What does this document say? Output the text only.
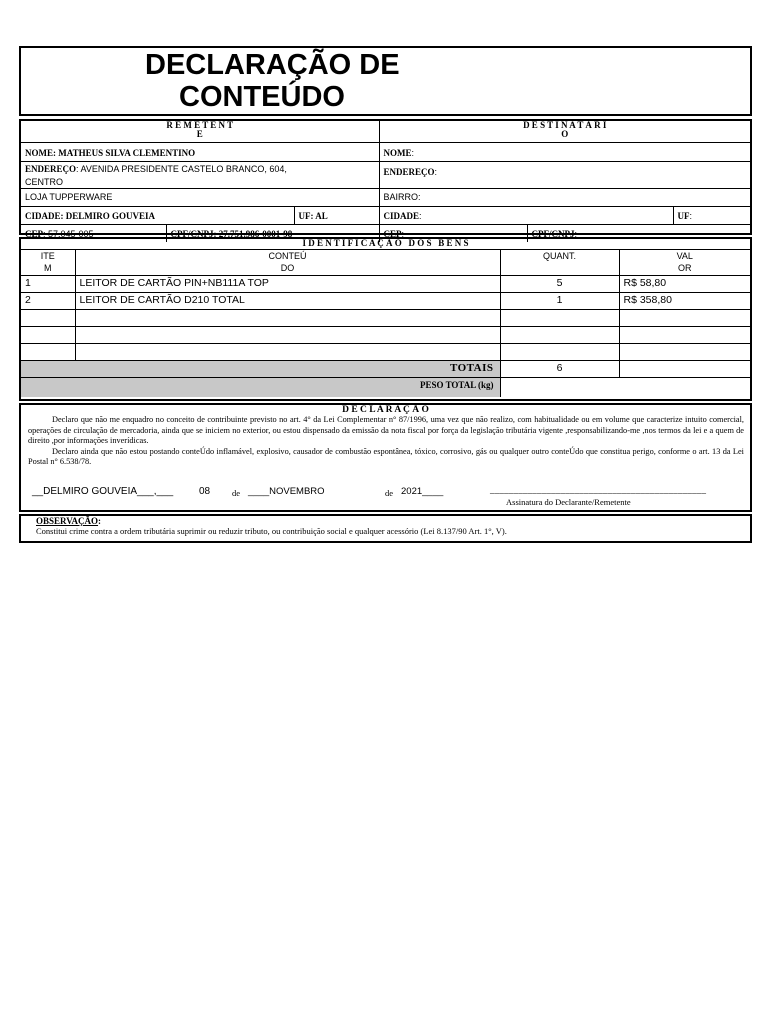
DECLARAÇÃO DE
CONTEÚDO
R E M E T E N T
E			D E S T I N A T Á R I
O		
NOME: MATHEUS SILVA CLEMENTINO			NOME:		
ENDEREÇO: AVENIDA PRESIDENTE CASTELO BRANCO, 604,
CENTRO			ENDEREÇO:		
LOJA TUPPERWARE			BAIRRO:		
CIDADE: DELMIRO GOUVEIA		UF: AL	CIDADE:		UF:
CEP: 57.045-005	CPF/CNPJ: 27.751.986-0001-98		CEP:	CPF/CNPJ: -	
I D E N T I F I C A Ç Ã O   D O S   B E N S
ITE
M	CONTEÚ
DO	QUANT.	VAL
OR
1	LEITOR DE CARTÃO PIN+NB111A TOP	5	R$ 58,80
2	LEITOR DE CARTÃO D210 TOTAL	1	R$ 358,80

TOTAIS		6	
PESO TOTAL (kg)			
D E C L A R A Ç Ã O
Declaro que não me enquadro no conceito de contribuinte previsto no art. 4° da Lei Complementar n° 87/1996, uma vez que não realizo, com habitualidade ou em volume que caracterize intuito comercial, operações de circulação de mercadoria, ainda que se iniciem no exterior, ou estou dispensado da emissão da nota fiscal por força da legislação tributária vigente ,responsabilizando-me ,nos termos da lei e a quem de direito ,por informações inverídicas.
Declaro ainda que não estou postando conteÚdo inflamável, explosivo, causador de combustão espontânea, tóxico, corrosivo, gás ou qualquer outro conteÚdo que constitua perigo, conforme o art. 13 da Lei Postal n° 6.538/78.
__DELMIRO GOUVEIA___,___	08	de ____NOVEMBRO	de 2021____	______________________________________________
Assinatura do Declarante/Remetente
OBSERVAÇÃO:
Constitui crime contra a ordem tributária suprimir ou reduzir tributo, ou contribuição social e qualquer acessório (Lei 8.137/90 Art. 1°, V).
